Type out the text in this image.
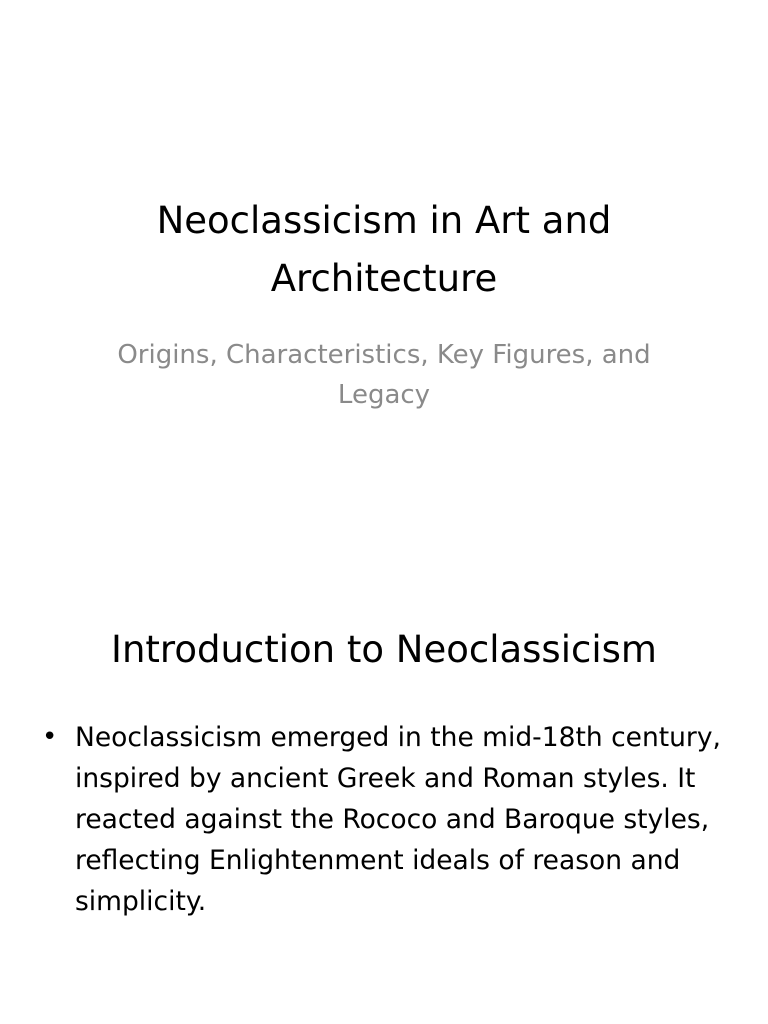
Neoclassicism in Art and Architecture

Origins, Characteristics, Key Figures, and Legacy

Introduction to Neoclassicism
• Neoclassicism emerged in the mid-18th century, inspired by ancient Greek and Roman styles. It reacted against the Rococo and Baroque styles, reflecting Enlightenment ideals of reason and simplicity.
